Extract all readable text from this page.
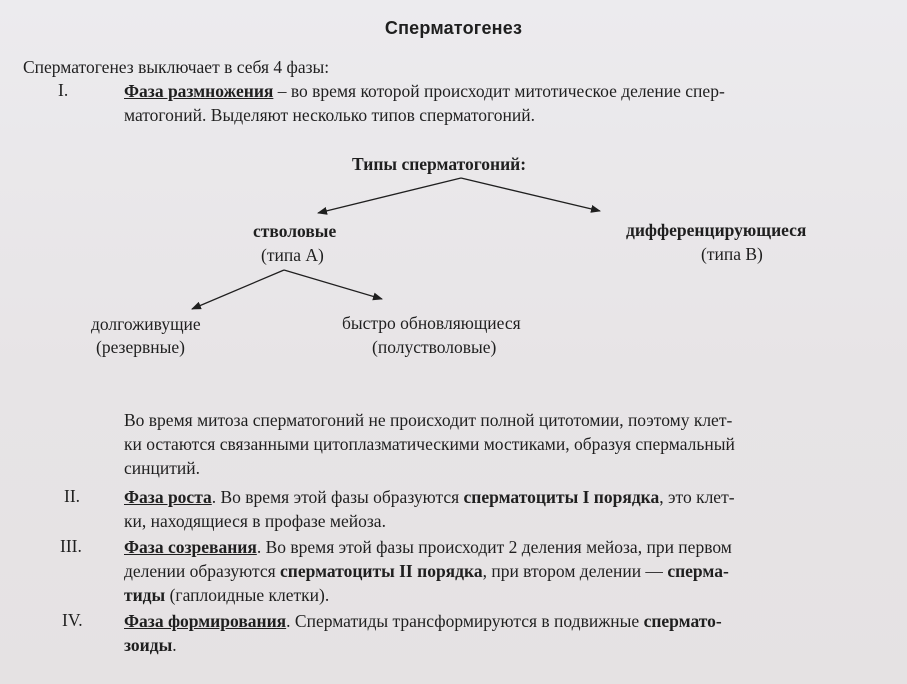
Сперматогенез
Сперматогенез выключает в себя 4 фазы:
I.	Фаза размножения – во время которой происходит митотическое деление спер-
матогоний. Выделяют несколько типов сперматогоний.
Типы сперматогоний:
стволовые
(типа А)
дифференцирующиеся
(типа В)
долгоживущие
(резервные)
быстро обновляющиеся
(полустволовые)
Во время митоза сперматогоний не происходит полной цитотомии, поэтому клет-
ки остаются связанными цитоплазматическими мостиками, образуя спермальный
синцитий.
II.	Фаза роста. Во время этой фазы образуются сперматоциты I порядка, это клет-
ки, находящиеся в профазе мейоза.
III. Фаза созревания. Во время этой фазы происходит 2 деления мейоза, при первом
делении образуются сперматоциты II порядка, при втором делении — сперма-
тиды (гаплоидные клетки).
IV. Фаза формирования. Сперматиды трансформируются в подвижные спермато-
зоиды.
